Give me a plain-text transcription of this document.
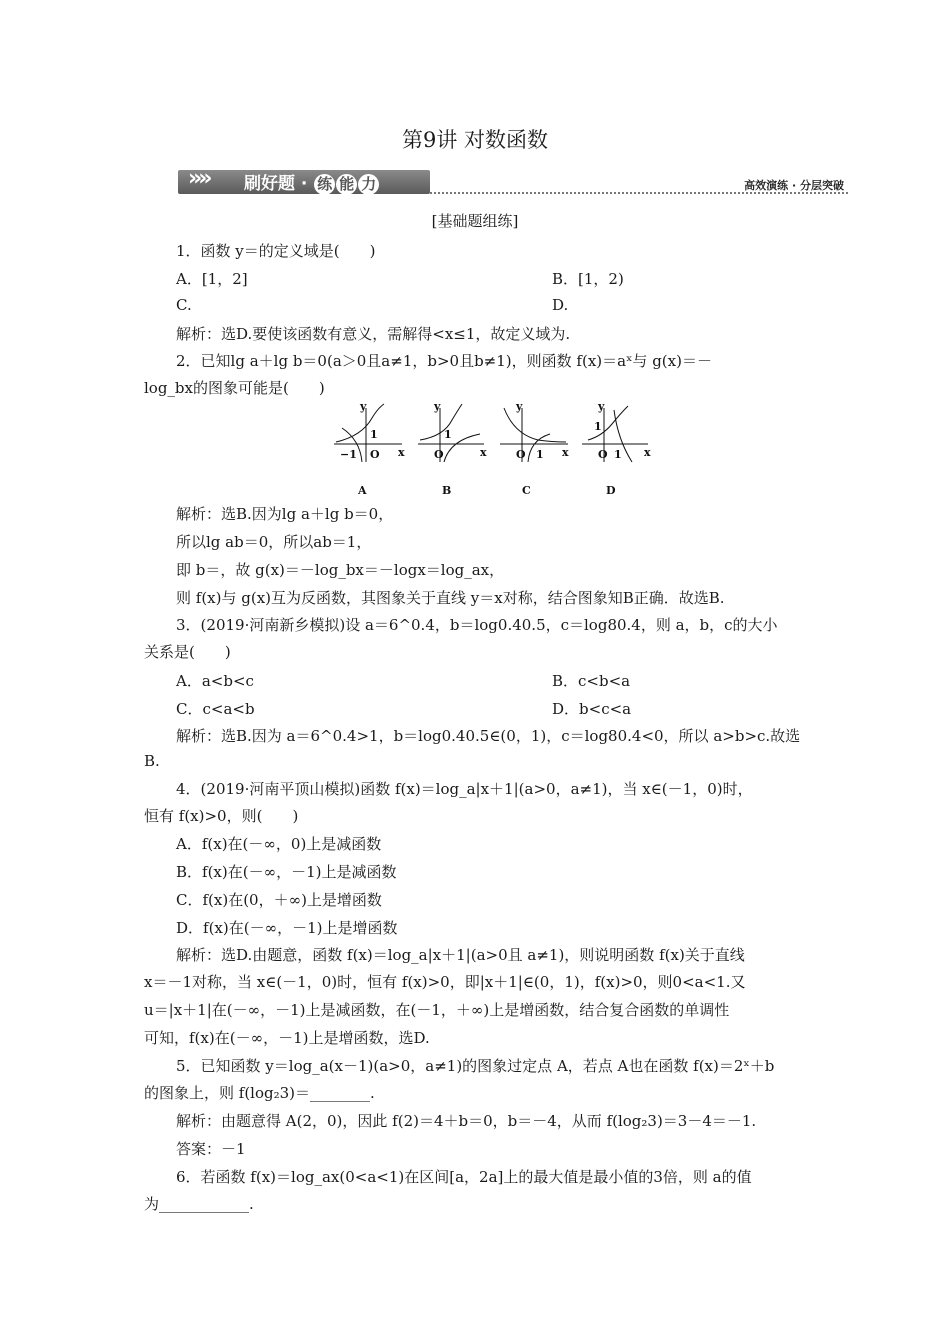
第9讲 对数函数
»» 刷好题 · 练 能 力	高效演练 · 分层突破
[基础题组练]
1．函数 y＝的定义域是(　　)
A．[1，2]	B．[1，2)
C.	D.
解析：选D.要使该函数有意义，需解得<x≤1，故定义域为.
2．已知lg a＋lg b＝0(a＞0且a≠1，b>0且b≠1)，则函数 f(x)＝aˣ与 g(x)＝－
log_bx的图象可能是(　　)
y
x
O
1
−1
y
x
O
1
y
x
O 1
y
x
O
1
1
A	B	C	D
解析：选B.因为lg a＋lg b＝0，
所以lg ab＝0，所以ab＝1，
即 b＝，故 g(x)＝－log_bx＝－logx＝log_ax，
则 f(x)与 g(x)互为反函数，其图象关于直线 y＝x对称，结合图象知B正确．故选B.
3．(2019·河南新乡模拟)设 a＝6^0.4，b＝log0.40.5，c＝log80.4，则 a，b，c的大小
关系是(　　)
A．a<b<c	B．c<b<a
C．c<a<b	D．b<c<a
解析：选B.因为 a＝6^0.4>1，b＝log0.40.5∈(0，1)，c＝log80.4<0，所以 a>b>c.故选
B.
4．(2019·河南平顶山模拟)函数 f(x)＝log_a|x＋1|(a>0，a≠1)，当 x∈(－1，0)时，
恒有 f(x)>0，则(　　)
A．f(x)在(－∞，0)上是减函数
B．f(x)在(－∞，－1)上是减函数
C．f(x)在(0，＋∞)上是增函数
D．f(x)在(－∞，－1)上是增函数
解析：选D.由题意，函数 f(x)＝log_a|x＋1|(a>0且 a≠1)，则说明函数 f(x)关于直线
x＝－1对称，当 x∈(－1，0)时，恒有 f(x)>0，即|x＋1|∈(0，1)，f(x)>0，则0<a<1.又
u＝|x＋1|在(－∞，－1)上是减函数，在(－1，＋∞)上是增函数，结合复合函数的单调性
可知，f(x)在(－∞，－1)上是增函数，选D.
5．已知函数 y＝log_a(x－1)(a>0，a≠1)的图象过定点 A，若点 A也在函数 f(x)＝2ˣ＋b
的图象上，则 f(log₂3)＝________.
解析：由题意得 A(2，0)，因此 f(2)＝4＋b＝0，b＝－4，从而 f(log₂3)＝3－4＝－1.
答案：－1
6．若函数 f(x)＝log_ax(0<a<1)在区间[a，2a]上的最大值是最小值的3倍，则 a的值
为____________.
